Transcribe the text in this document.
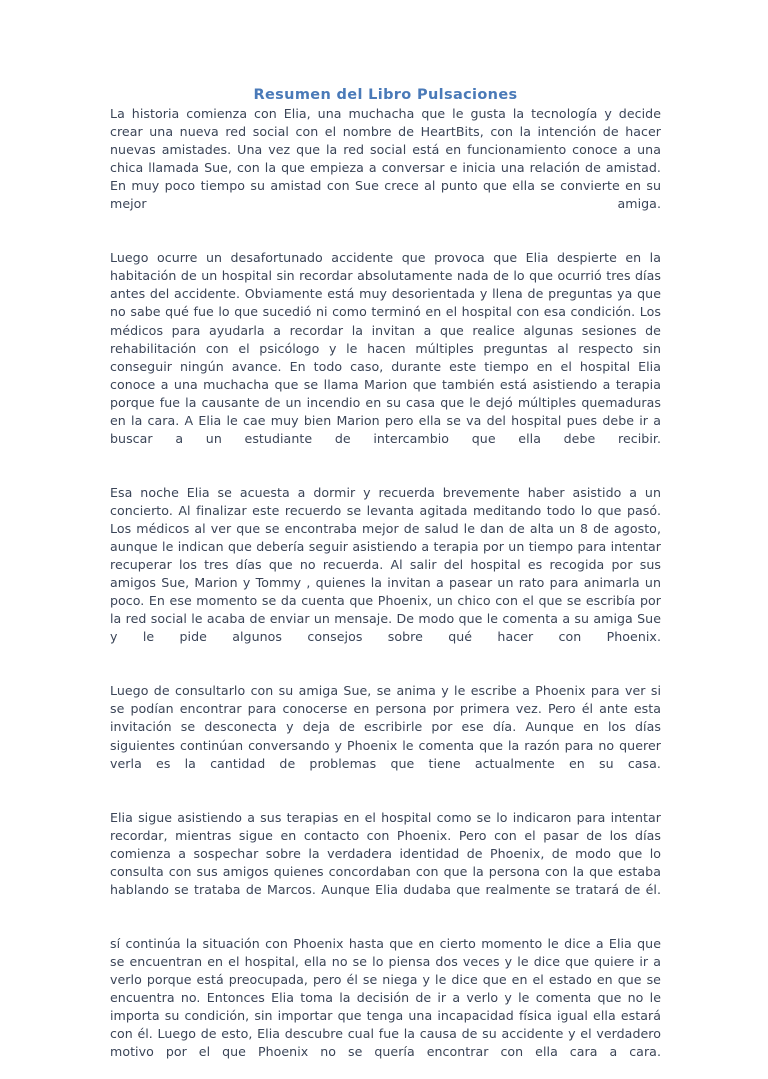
Resumen del Libro Pulsaciones

La historia comienza con Elia, una muchacha que le gusta la tecnología y decide crear una nueva red social con el nombre de HeartBits, con la intención de hacer nuevas amistades. Una vez que la red social está en funcionamiento conoce a una chica llamada Sue, con la que empieza a conversar e inicia una relación de amistad. En muy poco tiempo su amistad con Sue crece al punto que ella se convierte en su mejor amiga.

Luego ocurre un desafortunado accidente que provoca que Elia despierte en la habitación de un hospital sin recordar absolutamente nada de lo que ocurrió tres días antes del accidente. Obviamente está muy desorientada y llena de preguntas ya que no sabe qué fue lo que sucedió ni como terminó en el hospital con esa condición. Los médicos para ayudarla a recordar la invitan a que realice algunas sesiones de rehabilitación con el psicólogo y le hacen múltiples preguntas al respecto sin conseguir ningún avance. En todo caso, durante este tiempo en el hospital Elia conoce a una muchacha que se llama Marion que también está asistiendo a terapia porque fue la causante de un incendio en su casa que le dejó múltiples quemaduras en la cara. A Elia le cae muy bien Marion pero ella se va del hospital pues debe ir a buscar a un estudiante de intercambio que ella debe recibir.

Esa noche Elia se acuesta a dormir y recuerda brevemente haber asistido a un concierto. Al finalizar este recuerdo se levanta agitada meditando todo lo que pasó. Los médicos al ver que se encontraba mejor de salud le dan de alta un 8 de agosto, aunque le indican que debería seguir asistiendo a terapia por un tiempo para intentar recuperar los tres días que no recuerda. Al salir del hospital es recogida por sus amigos Sue, Marion y Tommy , quienes la invitan a pasear un rato para animarla un poco. En ese momento se da cuenta que Phoenix, un chico con el que se escribía por la red social le acaba de enviar un mensaje. De modo que le comenta a su amiga Sue y le pide algunos consejos sobre qué hacer con Phoenix.

Luego de consultarlo con su amiga Sue, se anima y le escribe a Phoenix para ver si se podían encontrar para conocerse en persona por primera vez. Pero él ante esta invitación se desconecta y deja de escribirle por ese día. Aunque en los días siguientes continúan conversando y Phoenix le comenta que la razón para no querer verla es la cantidad de problemas que tiene actualmente en su casa.

Elia sigue asistiendo a sus terapias en el hospital como se lo indicaron para intentar recordar, mientras sigue en contacto con Phoenix. Pero con el pasar de los días comienza a sospechar sobre la verdadera identidad de Phoenix, de modo que lo consulta con sus amigos quienes concordaban con que la persona con la que estaba hablando se trataba de Marcos. Aunque Elia dudaba que realmente se tratará de él.

sí continúa la situación con Phoenix hasta que en cierto momento le dice a Elia que se encuentran en el hospital, ella no se lo piensa dos veces y le dice que quiere ir a verlo porque está preocupada, pero él se niega y le dice que en el estado en que se encuentra no. Entonces Elia toma la decisión de ir a verlo y le comenta que no le importa su condición, sin importar que tenga una incapacidad física igual ella estará con él. Luego de esto, Elia descubre cual fue la causa de su accidente y el verdadero motivo por el que Phoenix no se quería encontrar con ella cara a cara.
